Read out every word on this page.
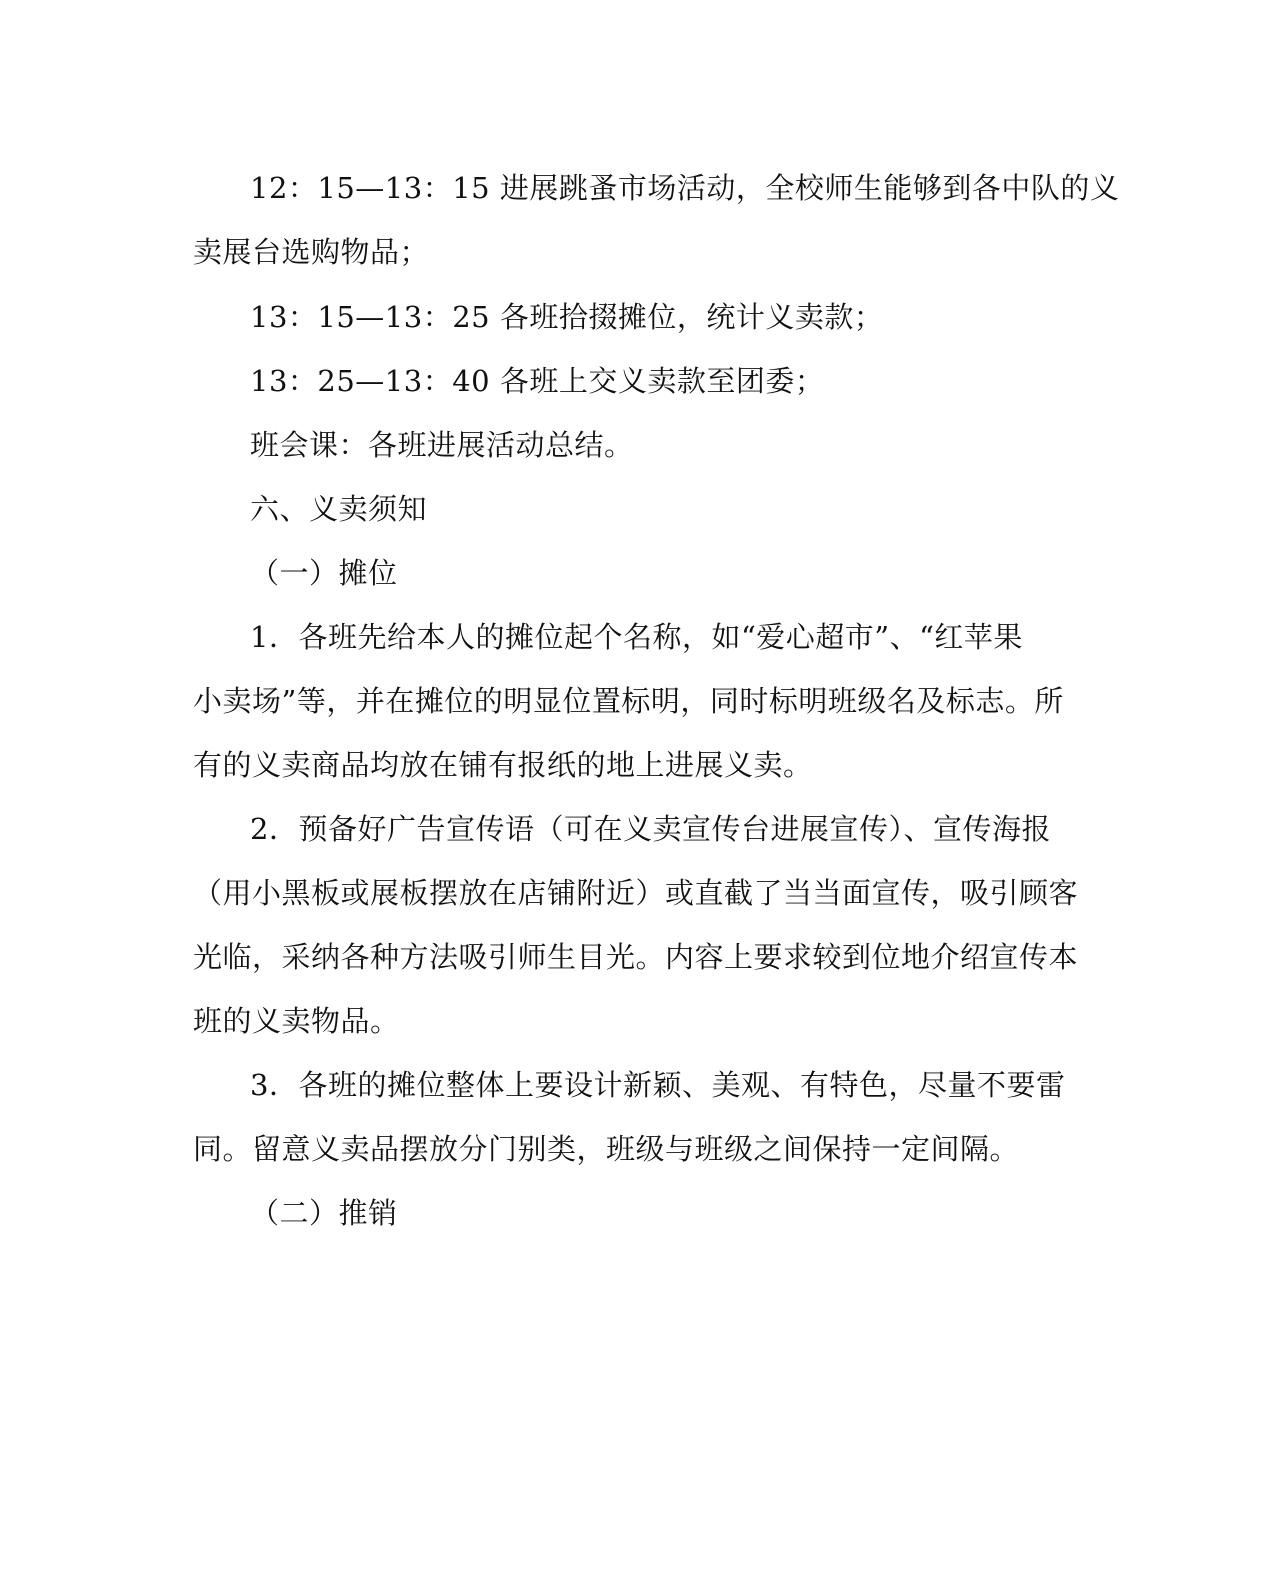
12：15—13：15 进展跳蚤市场活动，全校师生能够到各中队的义
卖展台选购物品；
13：15—13：25 各班拾掇摊位，统计义卖款；
13：25—13：40 各班上交义卖款至团委；
班会课：各班进展活动总结。
六、义卖须知
（一）摊位
1．各班先给本人的摊位起个名称，如“爱心超市”、“红苹果
小卖场”等，并在摊位的明显位置标明，同时标明班级名及标志。所
有的义卖商品均放在铺有报纸的地上进展义卖。
2．预备好广告宣传语（可在义卖宣传台进展宣传）、宣传海报
（用小黑板或展板摆放在店铺附近）或直截了当当面宣传，吸引顾客
光临，采纳各种方法吸引师生目光。内容上要求较到位地介绍宣传本
班的义卖物品。
3．各班的摊位整体上要设计新颖、美观、有特色，尽量不要雷
同。留意义卖品摆放分门别类，班级与班级之间保持一定间隔。
（二）推销
